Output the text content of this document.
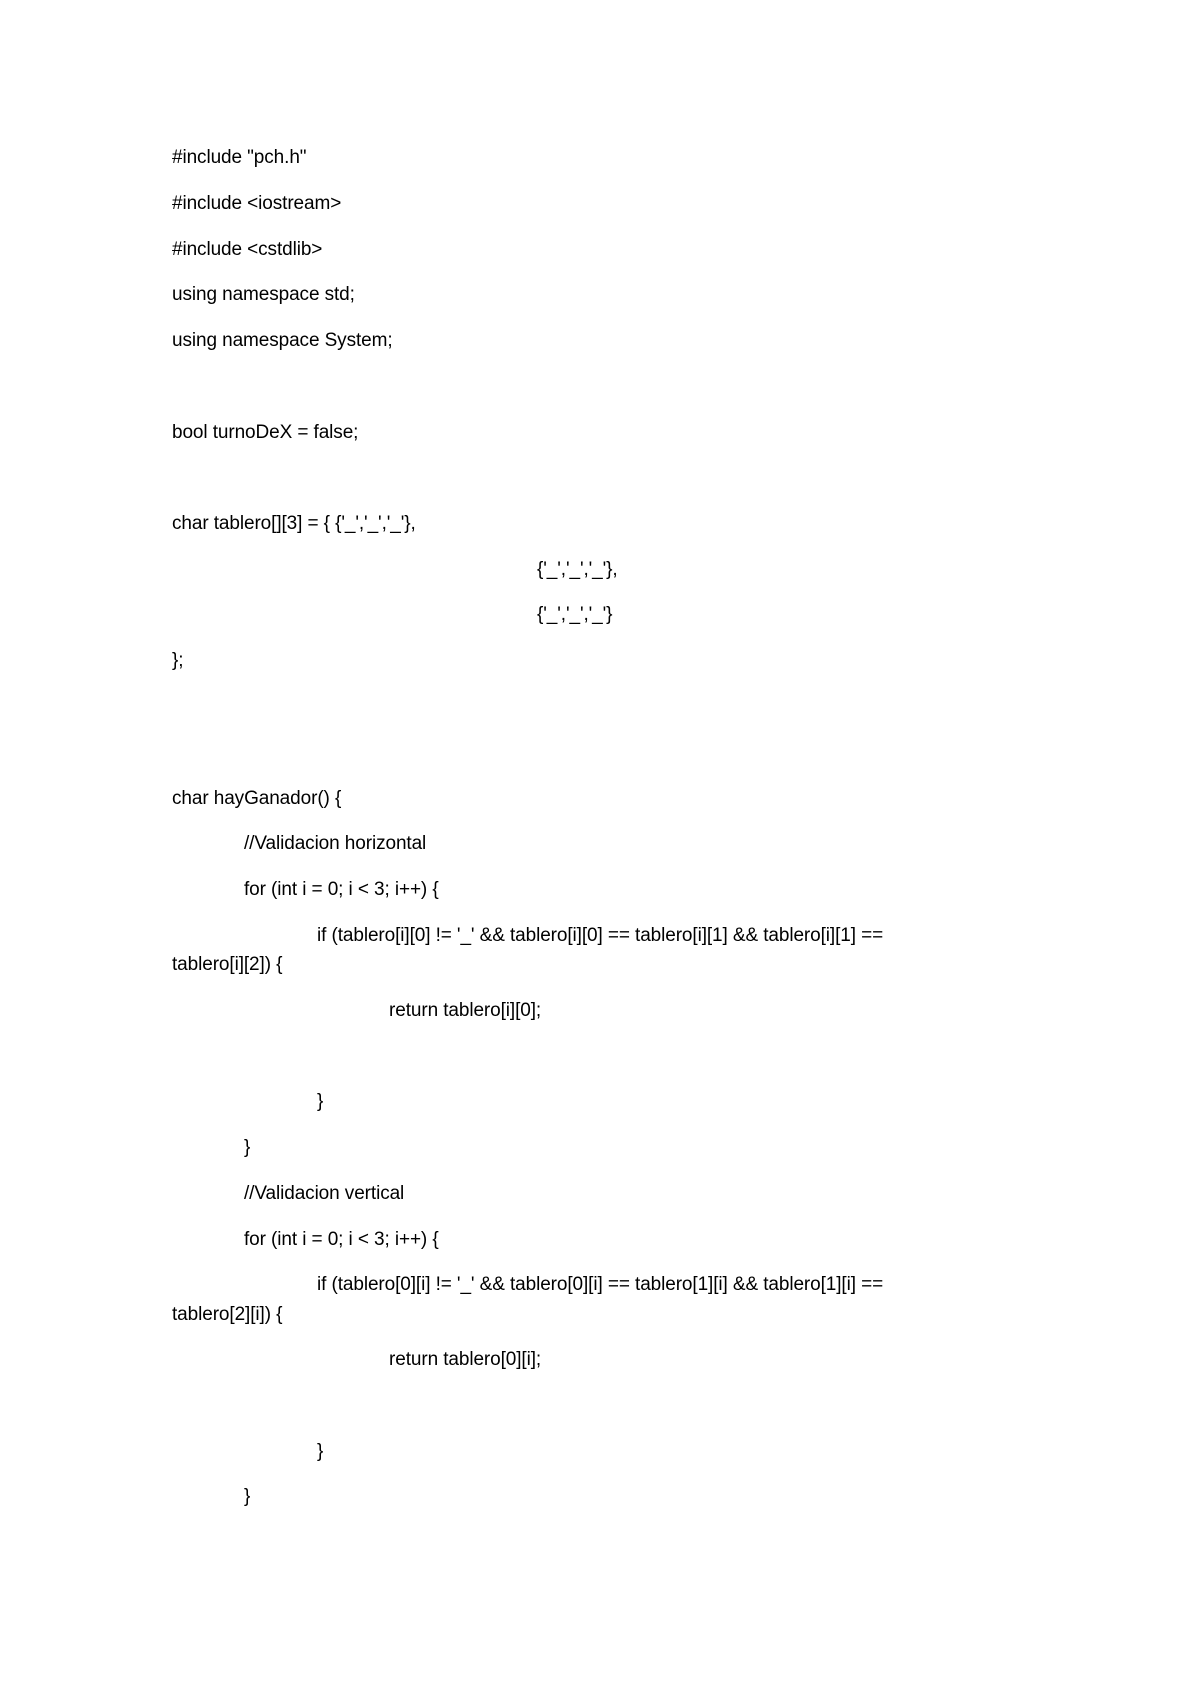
#include "pch.h"
#include <iostream>
#include <cstdlib>
using namespace std;
using namespace System;
bool turnoDeX = false;
char tablero[][3] = { {'_','_','_'},
{'_','_','_'},
{'_','_','_'}
};
char hayGanador() {
//Validacion horizontal
for (int i = 0; i < 3; i++) {
if (tablero[i][0] != '_' && tablero[i][0] == tablero[i][1] && tablero[i][1] ==
tablero[i][2]) {
return tablero[i][0];
}
}
//Validacion vertical
for (int i = 0; i < 3; i++) {
if (tablero[0][i] != '_' && tablero[0][i] == tablero[1][i] && tablero[1][i] ==
tablero[2][i]) {
return tablero[0][i];
}
}
